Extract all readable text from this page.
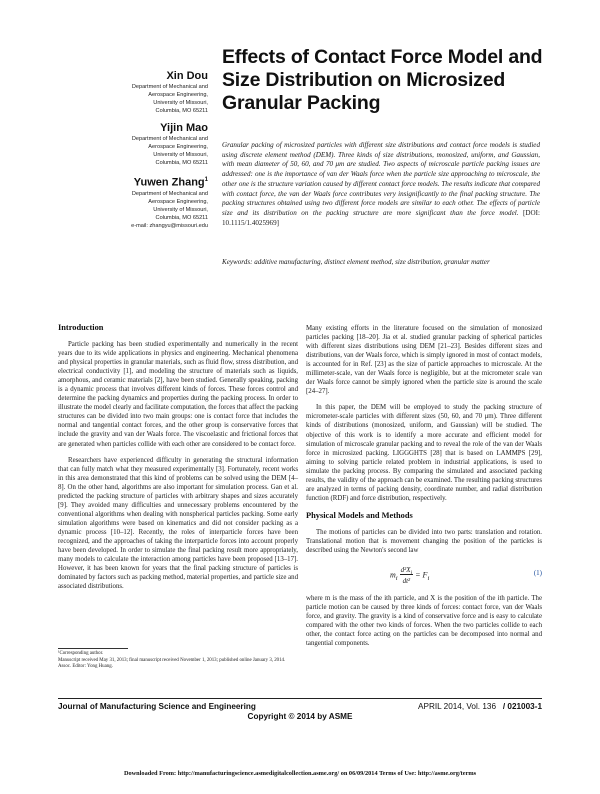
Xin Dou
Department of Mechanical and
Aerospace Engineering,
University of Missouri,
Columbia, MO 65211
Yijin Mao
Department of Mechanical and
Aerospace Engineering,
University of Missouri,
Columbia, MO 65211
Yuwen Zhang$^1$
Department of Mechanical and
Aerospace Engineering,
University of Missouri,
Columbia, MO 65211
e-mail: zhangyu@missouri.edu
Effects of Contact Force Model and Size Distribution on Microsized Granular Packing

Granular packing of microsized particles with different size distributions and contact force models is studied using discrete element method (DEM). Three kinds of size distributions, monosized, uniform, and Gaussian, with mean diameter of 50, 60, and 70 μm are studied. Two aspects of microscale particle packing issues are addressed: one is the importance of van der Waals force when the particle size approaching to microscale, the other one is the structure variation caused by different contact force models. The results indicate that compared with contact force, the van der Waals force contributes very insignificantly to the final packing structure. The packing structures obtained using two different force models are similar to each other. The effects of particle size and its distribution on the packing structure are more significant than the force model. [DOI: 10.1115/1.4025969]

Keywords: additive manufacturing, distinct element method, size distribution, granular matter

Introduction

Particle packing has been studied experimentally and numerically in the recent years due to its wide applications in physics and engineering. Mechanical phenomena and physical properties in granular materials, such as fluid flow, stress distribution, and electrical conductivity [1], and modeling the structure of materials such as liquids, amorphous, and ceramic materials [2], have been studied. Generally speaking, packing is a dynamic process that involves different kinds of forces. These forces control and determine the packing dynamics and properties during the packing process. In order to illustrate the model clearly and facilitate computation, the forces that affect the packing structures can be divided into two main groups: one is contact force that includes the normal and tangential contact forces, and the other group is conservative forces that include the gravity and van der Waals force. The viscoelastic and frictional forces that are generated when particles collide with each other are considered to be contact force.

Researchers have experienced difficulty in generating the structural information that can fully match what they measured experimentally [3]. Fortunately, recent works in this area demonstrated that this kind of problems can be solved using the DEM [4–8]. On the other hand, algorithms are also important for simulation process. Gan et al. predicted the packing structure of particles with arbitrary shapes and sizes accurately [9]. They avoided many difficulties and unnecessary problems encountered by the conventional algorithms when dealing with nonspherical particles packing. Some early simulation algorithms were based on kinematics and did not consider packing as a dynamic process [10–12]. Recently, the roles of interparticle forces have been recognized, and the approaches of taking the interparticle forces into account properly have been developed. In order to simulate the final packing result more appropriately, many models to calculate the interaction among particles have been proposed [13–17]. However, it has been known for years that the final packing structure of particles is dominated by factors such as packing method, material properties, and particle size and associated distributions.

Many existing efforts in the literature focused on the simulation of monosized particles packing [18–20]. Jia et al. studied granular packing of spherical particles with different sizes distributions using DEM [21–23]. Besides different sizes and distributions, van der Waals force, which is simply ignored in most of contact models, is accounted for in Ref. [23] as the size of particle approaches to microscale. At the millimeter-scale, van der Waals force is negligible, but at the micrometer scale van der Waals force cannot be simply ignored when the particle size is around the scale [24–27].

In this paper, the DEM will be employed to study the packing structure of micrometer-scale particles with different sizes (50, 60, and 70 μm). Three different kinds of distributions (monosized, uniform, and Gaussian) will be studied. The objective of this work is to identify a more accurate and efficient model for simulation of microscale granular packing and to reveal the role of the van der Waals force in microsized packing. LIGGGHTS [28] that is based on LAMMPS [29], aiming to solving particle related problem in industrial applications, is used to simulate the packing process. By comparing the simulated and associated packing results, the validity of the approach can be examined. The resulting packing structures are analyzed in terms of packing density, coordinate number, and radial distribution function (RDF) and force distribution, respectively.

Physical Models and Methods

The motions of particles can be divided into two parts: translation and rotation. Translational motion that is movement changing the position of the particles is described using the Newton's second law

$m_i \frac{d^2X_i}{\text{dt²}} = F_i$
(1)

where m is the mass of the ith particle, and X is the position of the ith particle. The particle motion can be caused by three kinds of forces: contact force, van der Waals force, and gravity. The gravity is a kind of conservative force and is easy to calculate compared with the other two kinds of forces. When the two particles collide to each other, the contact force acting on the particles can be decomposed into normal and tangential components.

¹Corresponding author.

Manuscript received May 31, 2013; final manuscript received November 1, 2013; published online January 3, 2014. Assoc. Editor: Yong Huang.

Journal of Manufacturing Science and Engineering	APRIL 2014, Vol. 136 / 021003-1
Copyright © 2014 by ASME
Downloaded From: http://manufacturingscience.asmedigitalcollection.asme.org/ on 06/09/2014 Terms of Use: http://asme.org/terms
